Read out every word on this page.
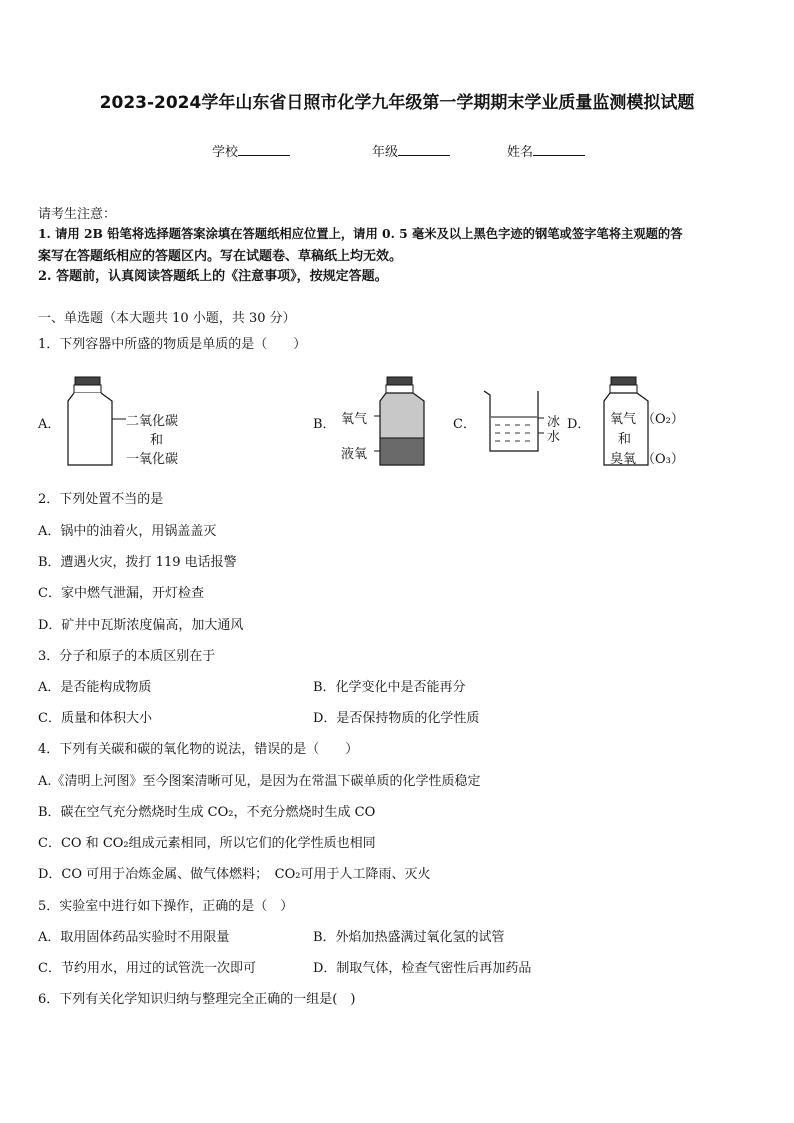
2023-2024学年山东省日照市化学九年级第一学期期末学业质量监测模拟试题
学校	年级	姓名
请考生注意：
1. 请用 2B 铅笔将选择题答案涂填在答题纸相应位置上，请用 0. 5 毫米及以上黑色字迹的钢笔或签字笔将主观题的答
案写在答题纸相应的答题区内。写在试题卷、草稿纸上均无效。
2. 答题前，认真阅读答题纸上的《注意事项》，按规定答题。
一、单选题（本大题共 10 小题，共 30 分）
1．下列容器中所盛的物质是单质的是（　　）
A．	二氧化碳
和
一氧化碳
B． 氧气
液氧
C．	冰
水
D． 氧气
和
臭氧
（O₂）
（O₃）
2．下列处置不当的是
A．锅中的油着火，用锅盖盖灭
B．遭遇火灾，拨打 119 电话报警
C．家中燃气泄漏，开灯检查
D．矿井中瓦斯浓度偏高，加大通风
3．分子和原子的本质区别在于
A．是否能构成物质	B．化学变化中是否能再分
C．质量和体积大小	D．是否保持物质的化学性质
4．下列有关碳和碳的氧化物的说法，错误的是（　　）
A.《清明上河图》至今图案清晰可见，是因为在常温下碳单质的化学性质稳定
B．碳在空气充分燃烧时生成 CO₂，不充分燃烧时生成 CO
C．CO 和 CO₂组成元素相同，所以它们的化学性质也相同
D．CO 可用于冶炼金属、做气体燃料；　CO₂可用于人工降雨、灭火
5．实验室中进行如下操作，正确的是（　）
A．取用固体药品实验时不用限量	B．外焰加热盛满过氧化氢的试管
C．节约用水，用过的试管洗一次即可	D．制取气体，检查气密性后再加药品
6．下列有关化学知识归纳与整理完全正确的一组是(　)
